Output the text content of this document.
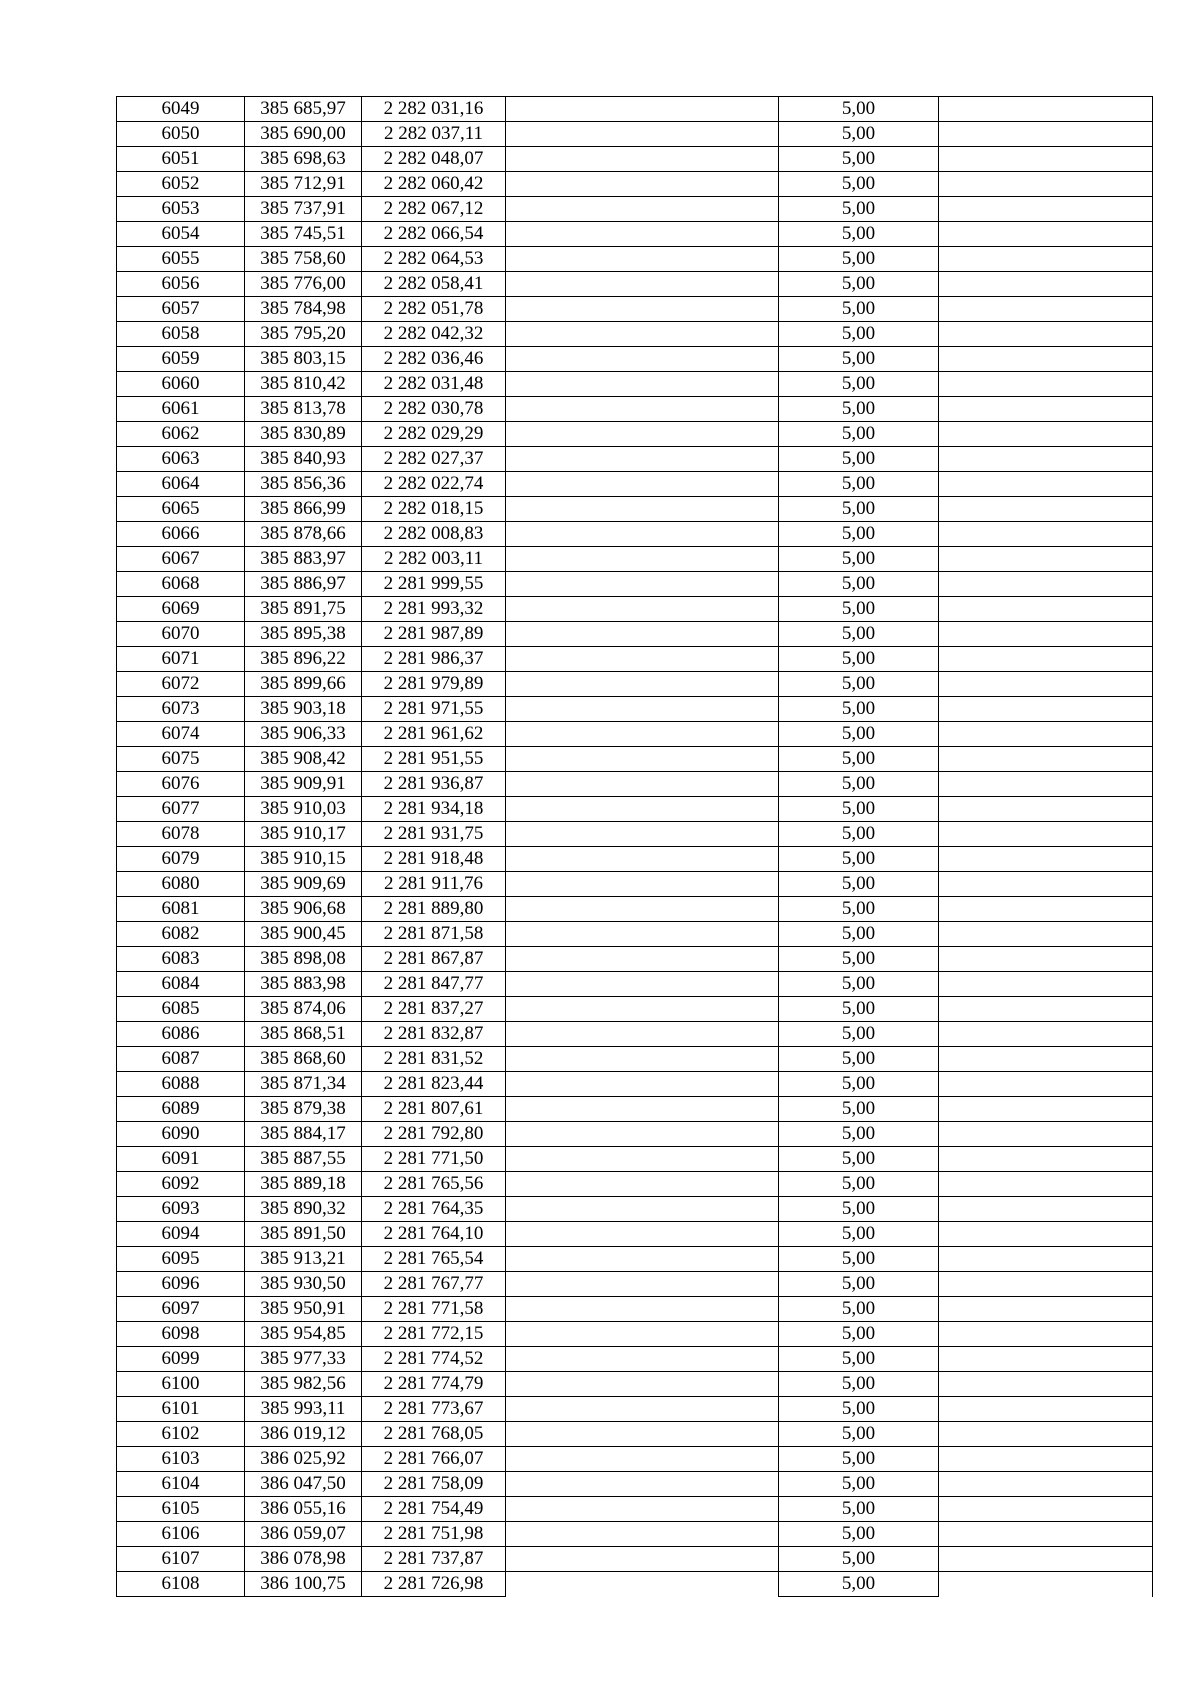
6049	385 685,97	2 282 031,16		5,00	
6050	385 690,00	2 282 037,11		5,00	
6051	385 698,63	2 282 048,07		5,00	
6052	385 712,91	2 282 060,42		5,00	
6053	385 737,91	2 282 067,12		5,00	
6054	385 745,51	2 282 066,54		5,00	
6055	385 758,60	2 282 064,53		5,00	
6056	385 776,00	2 282 058,41		5,00	
6057	385 784,98	2 282 051,78		5,00	
6058	385 795,20	2 282 042,32		5,00	
6059	385 803,15	2 282 036,46		5,00	
6060	385 810,42	2 282 031,48		5,00	
6061	385 813,78	2 282 030,78		5,00	
6062	385 830,89	2 282 029,29		5,00	
6063	385 840,93	2 282 027,37		5,00	
6064	385 856,36	2 282 022,74		5,00	
6065	385 866,99	2 282 018,15		5,00	
6066	385 878,66	2 282 008,83		5,00	
6067	385 883,97	2 282 003,11		5,00	
6068	385 886,97	2 281 999,55		5,00	
6069	385 891,75	2 281 993,32		5,00	
6070	385 895,38	2 281 987,89		5,00	
6071	385 896,22	2 281 986,37		5,00	
6072	385 899,66	2 281 979,89		5,00	
6073	385 903,18	2 281 971,55		5,00	
6074	385 906,33	2 281 961,62		5,00	
6075	385 908,42	2 281 951,55		5,00	
6076	385 909,91	2 281 936,87		5,00	
6077	385 910,03	2 281 934,18		5,00	
6078	385 910,17	2 281 931,75		5,00	
6079	385 910,15	2 281 918,48		5,00	
6080	385 909,69	2 281 911,76		5,00	
6081	385 906,68	2 281 889,80		5,00	
6082	385 900,45	2 281 871,58		5,00	
6083	385 898,08	2 281 867,87		5,00	
6084	385 883,98	2 281 847,77		5,00	
6085	385 874,06	2 281 837,27		5,00	
6086	385 868,51	2 281 832,87		5,00	
6087	385 868,60	2 281 831,52		5,00	
6088	385 871,34	2 281 823,44		5,00	
6089	385 879,38	2 281 807,61		5,00	
6090	385 884,17	2 281 792,80		5,00	
6091	385 887,55	2 281 771,50		5,00	
6092	385 889,18	2 281 765,56		5,00	
6093	385 890,32	2 281 764,35		5,00	
6094	385 891,50	2 281 764,10		5,00	
6095	385 913,21	2 281 765,54		5,00	
6096	385 930,50	2 281 767,77		5,00	
6097	385 950,91	2 281 771,58		5,00	
6098	385 954,85	2 281 772,15		5,00	
6099	385 977,33	2 281 774,52		5,00	
6100	385 982,56	2 281 774,79		5,00	
6101	385 993,11	2 281 773,67		5,00	
6102	386 019,12	2 281 768,05		5,00	
6103	386 025,92	2 281 766,07		5,00	
6104	386 047,50	2 281 758,09		5,00	
6105	386 055,16	2 281 754,49		5,00	
6106	386 059,07	2 281 751,98		5,00	
6107	386 078,98	2 281 737,87		5,00	
6108	386 100,75	2 281 726,98		5,00	
